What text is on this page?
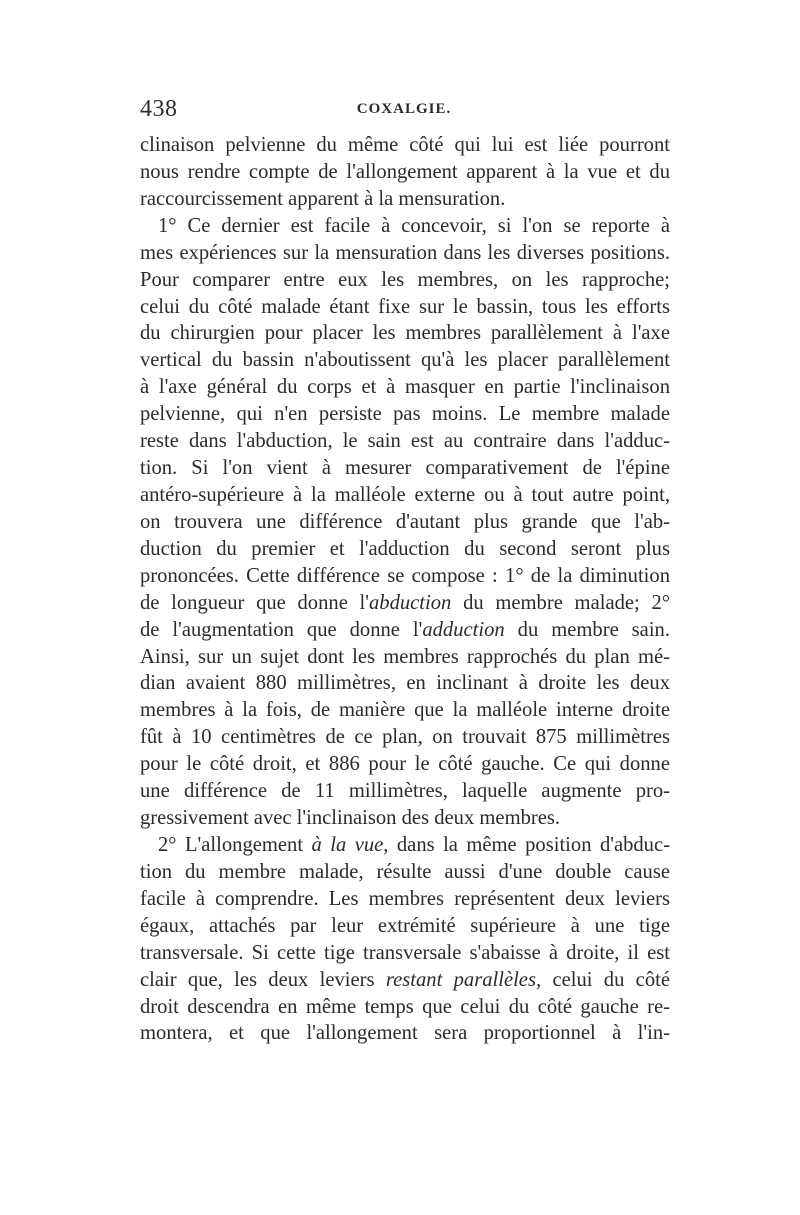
438	COXALGIE.
clinaison pelvienne du même côté qui lui est liée pourront
nous rendre compte de l'allongement apparent à la vue et du
raccourcissement apparent à la mensuration.
1° Ce dernier est facile à concevoir, si l'on se reporte à
mes expériences sur la mensuration dans les diverses positions.
Pour comparer entre eux les membres, on les rapproche;
celui du côté malade étant fixe sur le bassin, tous les efforts
du chirurgien pour placer les membres parallèlement à l'axe
vertical du bassin n'aboutissent qu'à les placer parallèlement
à l'axe général du corps et à masquer en partie l'inclinaison
pelvienne, qui n'en persiste pas moins. Le membre malade
reste dans l'abduction, le sain est au contraire dans l'adduc-
tion. Si l'on vient à mesurer comparativement de l'épine
antéro-supérieure à la malléole externe ou à tout autre point,
on trouvera une différence d'autant plus grande que l'ab-
duction du premier et l'adduction du second seront plus
prononcées. Cette différence se compose : 1° de la diminution
de longueur que donne l'abduction du membre malade; 2°
de l'augmentation que donne l'adduction du membre sain.
Ainsi, sur un sujet dont les membres rapprochés du plan mé-
dian avaient 880 millimètres, en inclinant à droite les deux
membres à la fois, de manière que la malléole interne droite
fût à 10 centimètres de ce plan, on trouvait 875 millimètres
pour le côté droit, et 886 pour le côté gauche. Ce qui donne
une différence de 11 millimètres, laquelle augmente pro-
gressivement avec l'inclinaison des deux membres.
2° L'allongement à la vue, dans la même position d'abduc-
tion du membre malade, résulte aussi d'une double cause
facile à comprendre. Les membres représentent deux leviers
égaux, attachés par leur extrémité supérieure à une tige
transversale. Si cette tige transversale s'abaisse à droite, il est
clair que, les deux leviers restant parallèles, celui du côté
droit descendra en même temps que celui du côté gauche re-
montera, et que l'allongement sera proportionnel à l'in-
